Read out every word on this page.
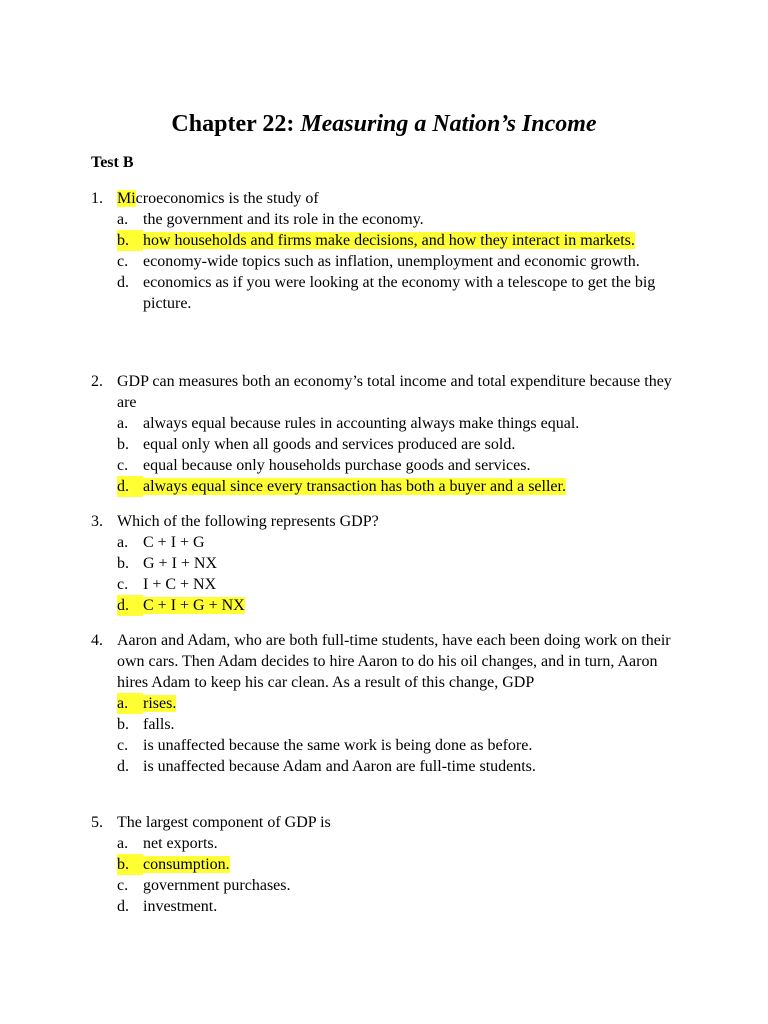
Chapter 22: Measuring a Nation’s Income
Test B
1. Microeconomics is the study of
a. the government and its role in the economy.
b. how households and firms make decisions, and how they interact in markets.
c. economy-wide topics such as inflation, unemployment and economic growth.
d. economics as if you were looking at the economy with a telescope to get the big picture.
2. GDP can measures both an economy’s total income and total expenditure because they are
a. always equal because rules in accounting always make things equal.
b. equal only when all goods and services produced are sold.
c. equal because only households purchase goods and services.
d. always equal since every transaction has both a buyer and a seller.
3. Which of the following represents GDP?
a. C + I + G
b. G + I + NX
c. I + C + NX
d. C + I + G + NX
4. Aaron and Adam, who are both full-time students, have each been doing work on their own cars. Then Adam decides to hire Aaron to do his oil changes, and in turn, Aaron hires Adam to keep his car clean. As a result of this change, GDP
a. rises.
b. falls.
c. is unaffected because the same work is being done as before.
d. is unaffected because Adam and Aaron are full-time students.
5. The largest component of GDP is
a. net exports.
b. consumption.
c. government purchases.
d. investment.
